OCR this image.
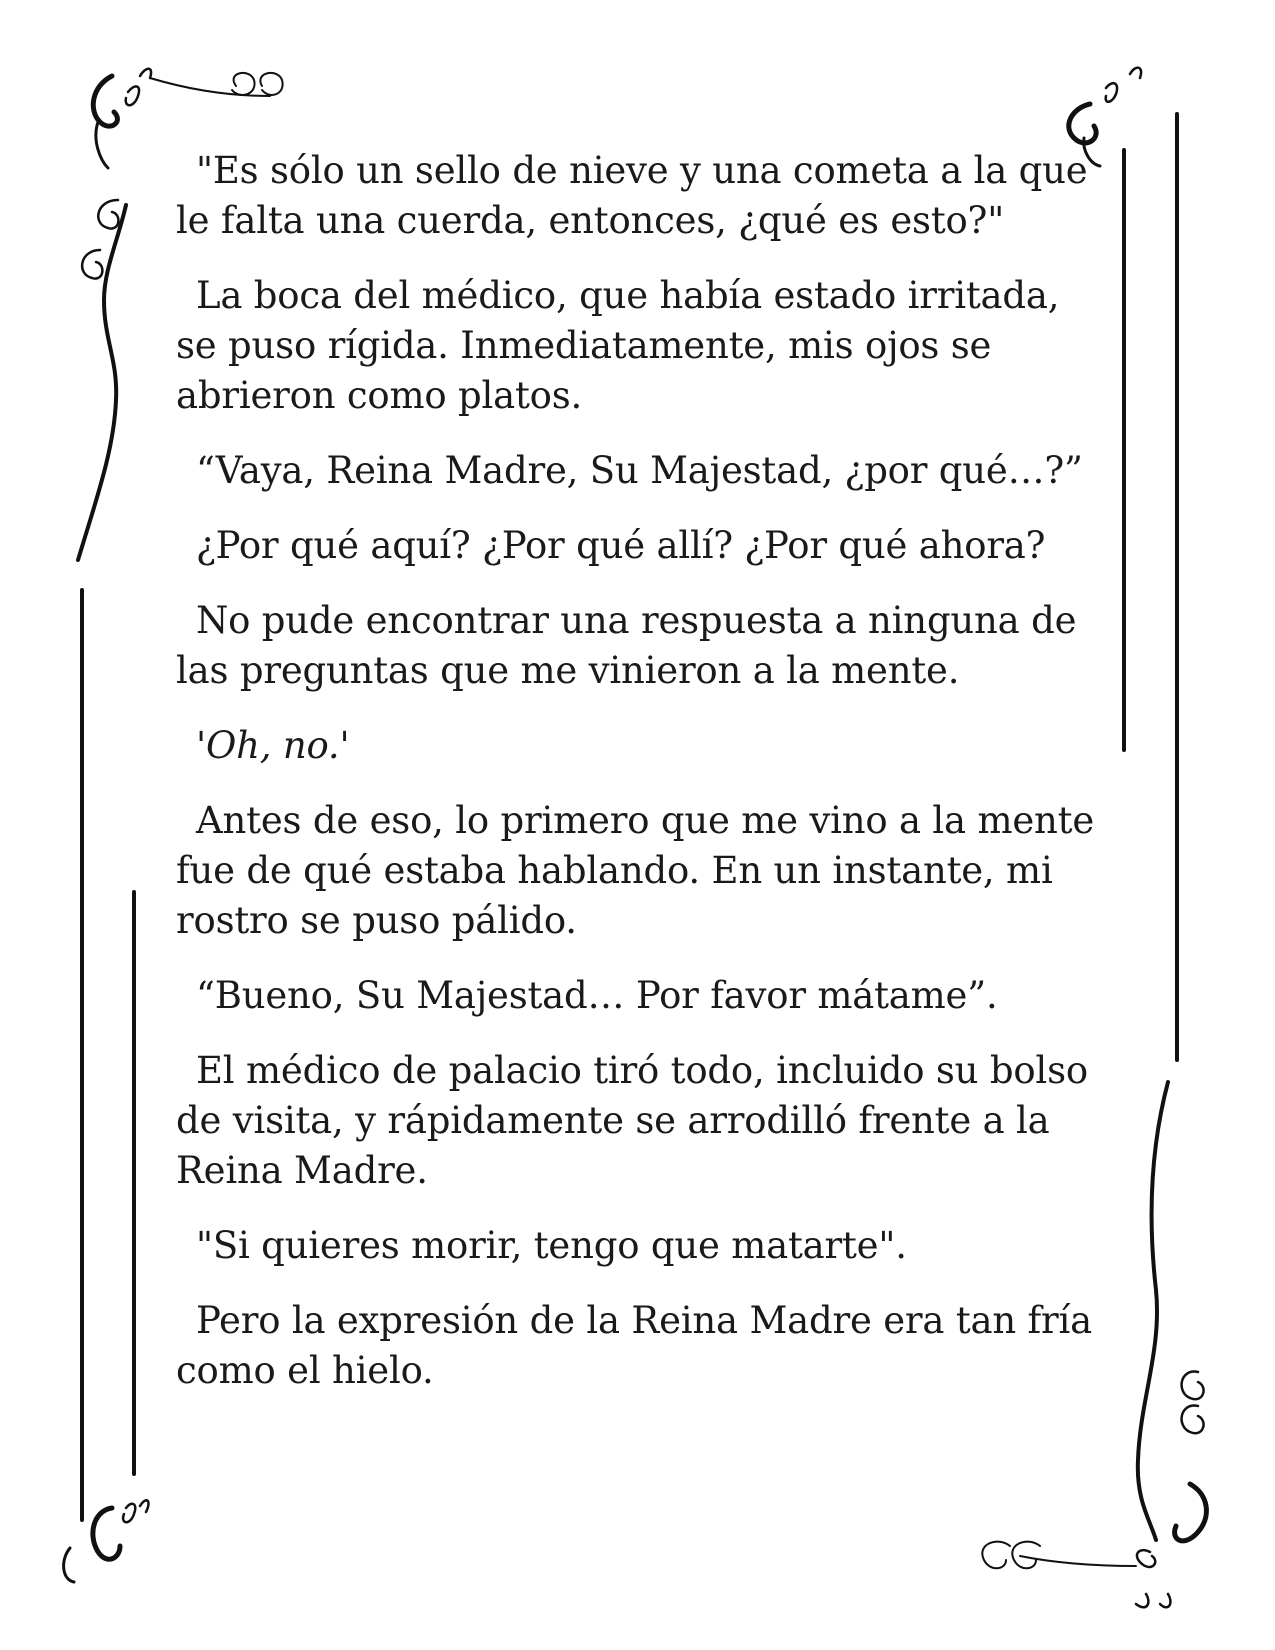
"Es sólo un sello de nieve y una cometa a la que le falta una cuerda, entonces, ¿qué es esto?"

La boca del médico, que había estado irritada, se puso rígida. Inmediatamente, mis ojos se abrieron como platos.

“Vaya, Reina Madre, Su Majestad, ¿por qué…?”

¿Por qué aquí? ¿Por qué allí? ¿Por qué ahora?

No pude encontrar una respuesta a ninguna de las preguntas que me vinieron a la mente.

'Oh, no.'

Antes de eso, lo primero que me vino a la mente fue de qué estaba hablando. En un instante, mi rostro se puso pálido.

“Bueno, Su Majestad… Por favor mátame”.

El médico de palacio tiró todo, incluido su bolso de visita, y rápidamente se arrodilló frente a la Reina Madre.

"Si quieres morir, tengo que matarte".

Pero la expresión de la Reina Madre era tan fría como el hielo.
